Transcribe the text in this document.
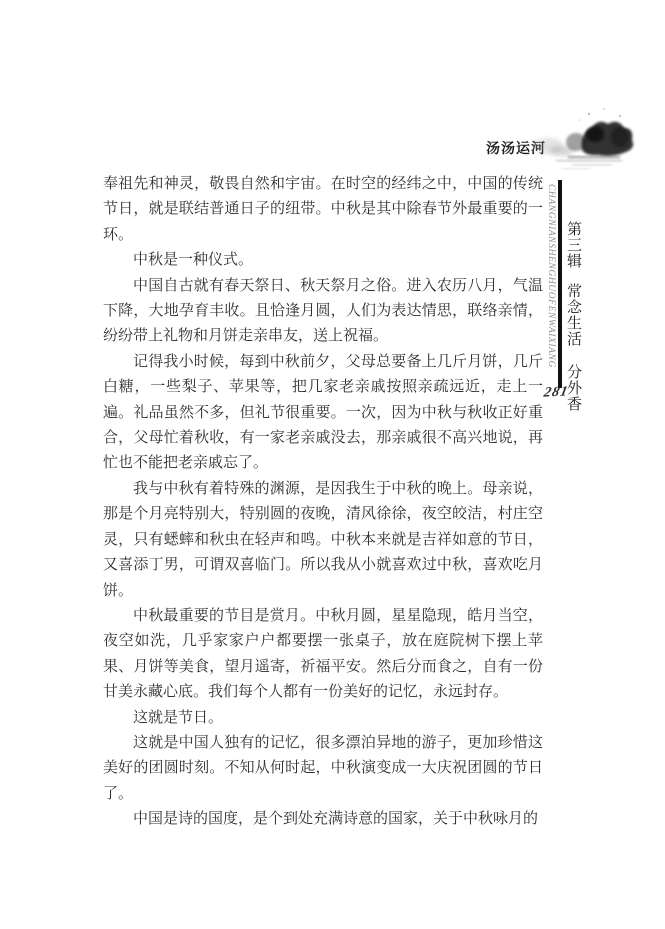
汤汤运河
CHANGNIANSHENGHUOFENWAIXIANG 第三辑常念生活 分外香
281

奉祖先和神灵，敬畏自然和宇宙。在时空的经纬之中，中国的传统节日，就是联结普通日子的纽带。中秋是其中除春节外最重要的一环。

中秋是一种仪式。

中国自古就有春天祭日、秋天祭月之俗。进入农历八月，气温下降，大地孕育丰收。且恰逢月圆，人们为表达情思，联络亲情，纷纷带上礼物和月饼走亲串友，送上祝福。

记得我小时候，每到中秋前夕，父母总要备上几斤月饼，几斤白糖，一些梨子、苹果等，把几家老亲戚按照亲疏远近，走上一遍。礼品虽然不多，但礼节很重要。一次，因为中秋与秋收正好重合，父母忙着秋收，有一家老亲戚没去，那亲戚很不高兴地说，再忙也不能把老亲戚忘了。

我与中秋有着特殊的渊源，是因我生于中秋的晚上。母亲说，那是个月亮特别大，特别圆的夜晚，清风徐徐，夜空皎洁，村庄空灵，只有蟋蟀和秋虫在轻声和鸣。中秋本来就是吉祥如意的节日，又喜添丁男，可谓双喜临门。所以我从小就喜欢过中秋，喜欢吃月饼。

中秋最重要的节目是赏月。中秋月圆，星星隐现，皓月当空，夜空如洗，几乎家家户户都要摆一张桌子，放在庭院树下摆上苹果、月饼等美食，望月遥寄，祈福平安。然后分而食之，自有一份甘美永藏心底。我们每个人都有一份美好的记忆，永远封存。

这就是节日。

这就是中国人独有的记忆，很多漂泊异地的游子，更加珍惜这美好的团圆时刻。不知从何时起，中秋演变成一大庆祝团圆的节日了。

中国是诗的国度，是个到处充满诗意的国家，关于中秋咏月的
